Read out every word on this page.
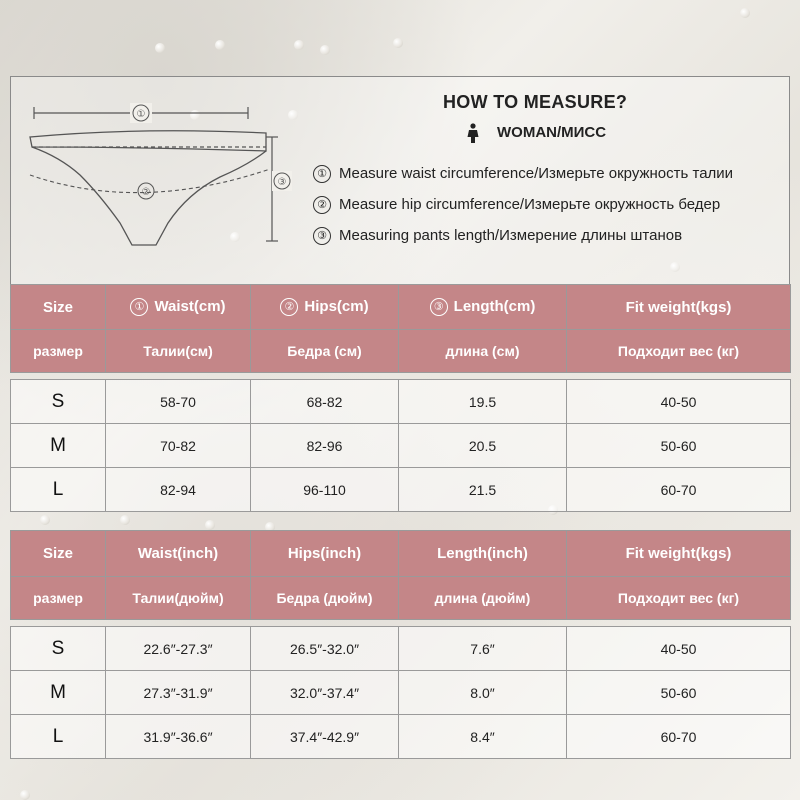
①
②
③
HOW TO MEASURE?
WOMAN/МИСС
① Measure waist circumference/Измерьте окружность талии
② Measure hip circumference/Измерьте окружность бедер
③ Measuring pants length/Измерение длины штанов
Size	① Waist(cm)	② Hips(cm)	③ Length(cm)	Fit weight(kgs)
размер	Талии(см)	Бедра (см)	длина (см)	Подходит вес (кг)

S	58-70	68-82	19.5	40-50
M	70-82	82-96	20.5	50-60
L	82-94	96-110	21.5	60-70
Size	Waist(inch)	Hips(inch)	Length(inch)	Fit weight(kgs)
размер	Талии(дюйм)	Бедра (дюйм)	длина (дюйм)	Подходит вес (кг)

S	22.6″-27.3″	26.5″-32.0″	7.6″	40-50
M	27.3″-31.9″	32.0″-37.4″	8.0″	50-60
L	31.9″-36.6″	37.4″-42.9″	8.4″	60-70
